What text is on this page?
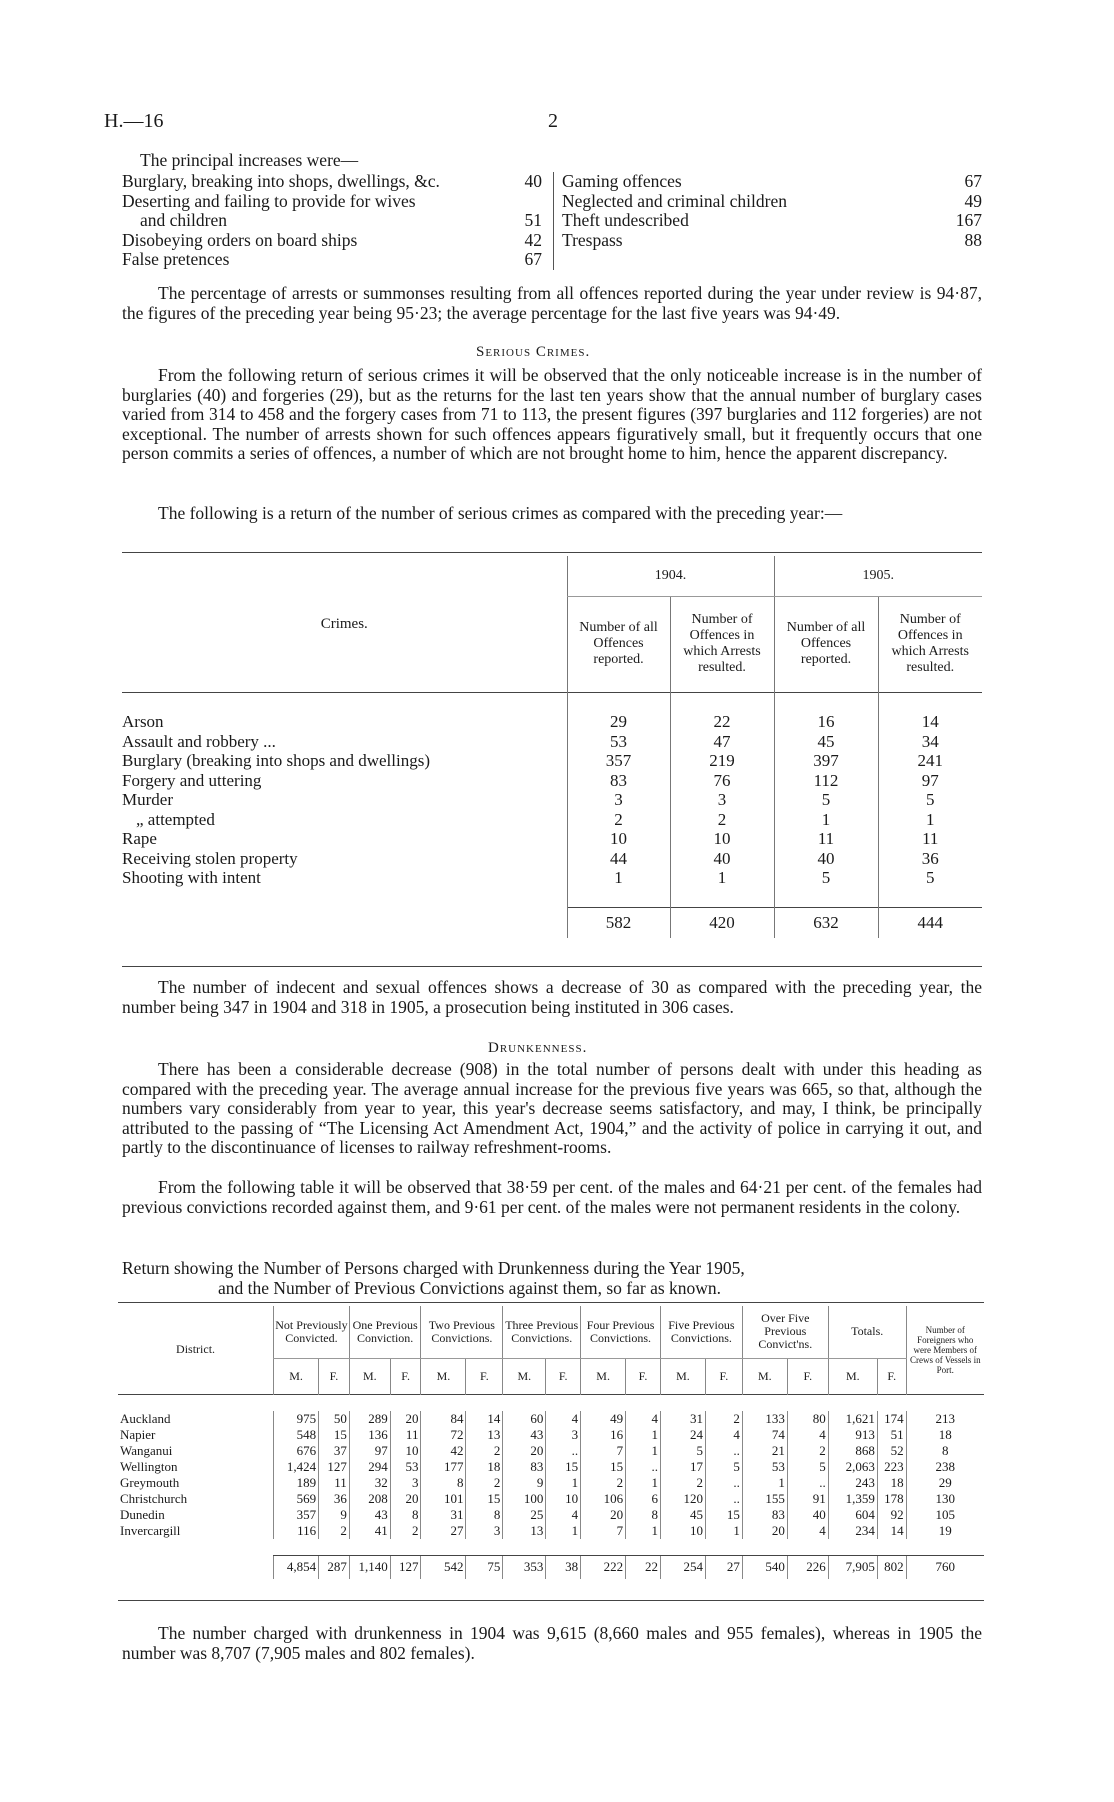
H.—16	2
The principal increases were—
Burglary, breaking into shops, dwellings, &c.	40 Gaming offences	67
Deserting and failing to provide for wives	Neglected and criminal children	49
and children	51 Theft undescribed	167
Disobeying orders on board ships	42 Trespass	88
False pretences	67
The percentage of arrests or summonses resulting from all offences reported during the year under review is 94·87, the figures of the preceding year being 95·23; the average percentage for the last five years was 94·49.
Serious Crimes.
From the following return of serious crimes it will be observed that the only noticeable increase is in the number of burglaries (40) and forgeries (29), but as the returns for the last ten years show that the annual number of burglary cases varied from 314 to 458 and the forgery cases from 71 to 113, the present figures (397 burglaries and 112 forgeries) are not exceptional. The number of arrests shown for such offences appears figuratively small, but it frequently occurs that one person commits a series of offences, a number of which are not brought home to him, hence the apparent discrepancy.
The following is a return of the number of serious crimes as compared with the preceding year:—
Crimes.	1904.		1905.	
	Number of all Offences reported.	Number of Offences in which Arrests resulted.	Number of all Offences reported.	Number of Offences in which Arrests resulted.

Arson	29	22	16	14
Assault and robbery ...	53	47	45	34
Burglary (breaking into shops and dwellings)	357	219	397	241
Forgery and uttering	83	76	112	97
Murder	3	3	5	5
„ attempted	2	2	1	1
Rape	10	10	11	11
Receiving stolen property	44	40	40	36
Shooting with intent	1	1	5	5

	582	420	632	444
The number of indecent and sexual offences shows a decrease of 30 as compared with the preceding year, the number being 347 in 1904 and 318 in 1905, a prosecution being instituted in 306 cases.
Drunkenness.
There has been a considerable decrease (908) in the total number of persons dealt with under this heading as compared with the preceding year. The average annual increase for the previous five years was 665, so that, although the numbers vary considerably from year to year, this year's decrease seems satisfactory, and may, I think, be principally attributed to the passing of “The Licensing Act Amendment Act, 1904,” and the activity of police in carrying it out, and partly to the discontinuance of licenses to railway refreshment-rooms.
From the following table it will be observed that 38·59 per cent. of the males and 64·21 per cent. of the females had previous convictions recorded against them, and 9·61 per cent. of the males were not permanent residents in the colony.
Return showing the Number of Persons charged with Drunkenness during the Year 1905,
and the Number of Previous Convictions against them, so far as known.
District.	Not Previously Convicted.		One Previous Conviction.		Two Previous Convictions.		Three Previous Convictions.		Four Previous Convictions.		Five Previous Convictions.		Over Five Previous Convict'ns.		Totals.		Number of Foreigners who were Members of Crews of Vessels in Port.
	M.	F.	M.	F.	M.	F.	M.	F.	M.	F.	M.	F.	M.	F.	M.	F.	

Auckland	975	50	289	20	84	14	60	4	49	4	31	2	133	80	1,621	174	213
Napier	548	15	136	11	72	13	43	3	16	1	24	4	74	4	913	51	18
Wanganui	676	37	97	10	42	2	20	..	7	1	5	..	21	2	868	52	8
Wellington	1,424	127	294	53	177	18	83	15	15	..	17	5	53	5	2,063	223	238
Greymouth	189	11	32	3	8	2	9	1	2	1	2	..	1	..	243	18	29
Christchurch	569	36	208	20	101	15	100	10	106	6	120	..	155	91	1,359	178	130
Dunedin	357	9	43	8	31	8	25	4	20	8	45	15	83	40	604	92	105
Invercargill	116	2	41	2	27	3	13	1	7	1	10	1	20	4	234	14	19

	4,854	287	1,140	127	542	75	353	38	222	22	254	27	540	226	7,905	802	760
The number charged with drunkenness in 1904 was 9,615 (8,660 males and 955 females), whereas in 1905 the number was 8,707 (7,905 males and 802 females).
